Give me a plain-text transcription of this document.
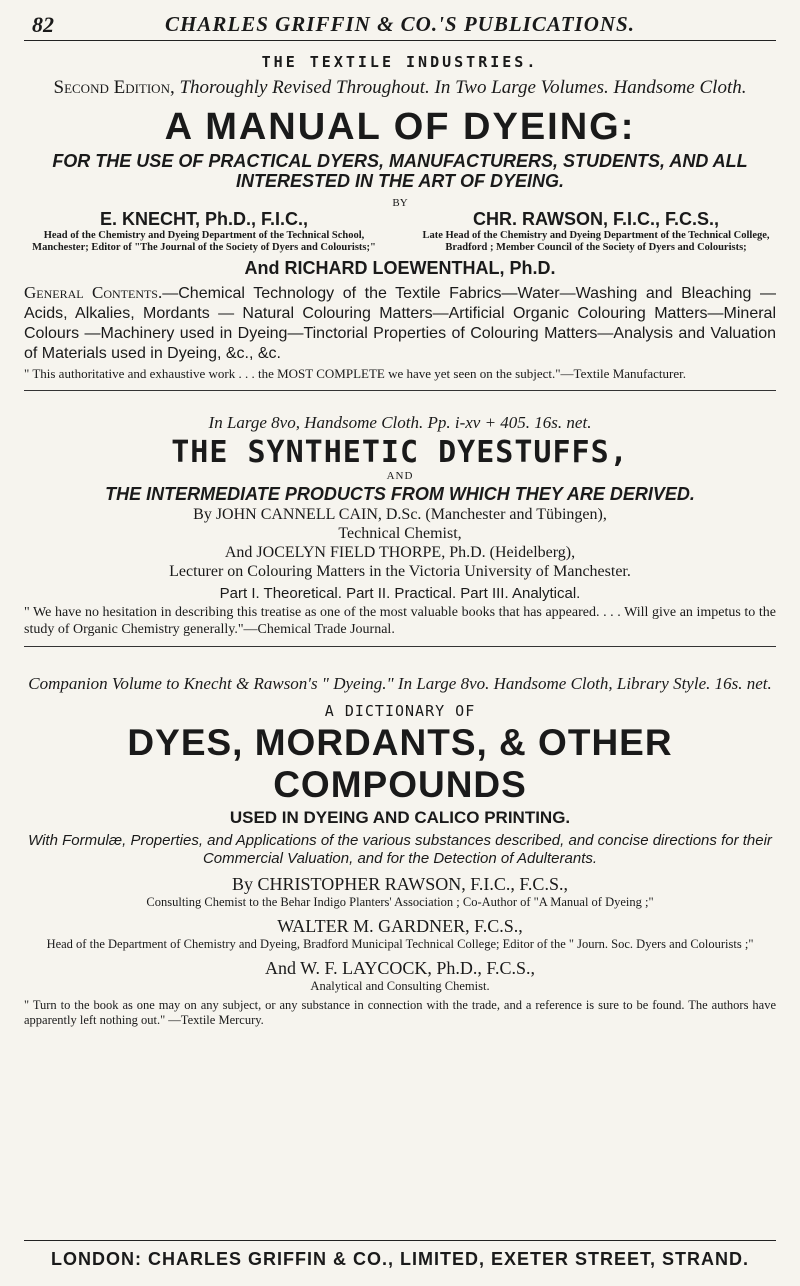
82	CHARLES GRIFFIN & CO.'S PUBLICATIONS.
THE TEXTILE INDUSTRIES.
Second Edition, Thoroughly Revised Throughout. In Two Large Volumes. Handsome Cloth.
A MANUAL OF DYEING:
FOR THE USE OF PRACTICAL DYERS, MANUFACTURERS, STUDENTS, AND ALL INTERESTED IN THE ART OF DYEING.
BY
E. KNECHT, Ph.D., F.I.C.,
Head of the Chemistry and Dyeing Department of the Technical School, Manchester; Editor of "The Journal of the Society of Dyers and Colourists;"
CHR. RAWSON, F.I.C., F.C.S.,
Late Head of the Chemistry and Dyeing Department of the Technical College, Bradford ; Member Council of the Society of Dyers and Colourists;
And RICHARD LOEWENTHAL, Ph.D.
General Contents.—Chemical Technology of the Textile Fabrics—Water—Washing and Bleaching — Acids, Alkalies, Mordants — Natural Colouring Matters—Artificial Organic Colouring Matters—Mineral Colours —Machinery used in Dyeing—Tinctorial Properties of Colouring Matters—Analysis and Valuation of Materials used in Dyeing, &c., &c.
" This authoritative and exhaustive work . . . the MOST COMPLETE we have yet seen on the subject."—Textile Manufacturer.
In Large 8vo, Handsome Cloth. Pp. i-xv + 405. 16s. net.
THE SYNTHETIC DYESTUFFS,
AND
THE INTERMEDIATE PRODUCTS FROM WHICH THEY ARE DERIVED.
By JOHN CANNELL CAIN, D.Sc. (Manchester and Tübingen),
Technical Chemist,
And JOCELYN FIELD THORPE, Ph.D. (Heidelberg),
Lecturer on Colouring Matters in the Victoria University of Manchester.
Part I. Theoretical. Part II. Practical. Part III. Analytical.
" We have no hesitation in describing this treatise as one of the most valuable books that has appeared. . . . Will give an impetus to the study of Organic Chemistry generally."—Chemical Trade Journal.
Companion Volume to Knecht & Rawson's " Dyeing." In Large 8vo. Handsome Cloth, Library Style. 16s. net.
A DICTIONARY OF
DYES, MORDANTS, & OTHER COMPOUNDS
USED IN DYEING AND CALICO PRINTING.
With Formulæ, Properties, and Applications of the various substances described, and concise directions for their Commercial Valuation, and for the Detection of Adulterants.
By CHRISTOPHER RAWSON, F.I.C., F.C.S.,
Consulting Chemist to the Behar Indigo Planters' Association ; Co-Author of "A Manual of Dyeing ;"
WALTER M. GARDNER, F.C.S.,
Head of the Department of Chemistry and Dyeing, Bradford Municipal Technical College; Editor of the " Journ. Soc. Dyers and Colourists ;"
And W. F. LAYCOCK, Ph.D., F.C.S.,
Analytical and Consulting Chemist.
" Turn to the book as one may on any subject, or any substance in connection with the trade, and a reference is sure to be found. The authors have apparently left nothing out." —Textile Mercury.
LONDON: CHARLES GRIFFIN & CO., LIMITED, EXETER STREET, STRAND.
